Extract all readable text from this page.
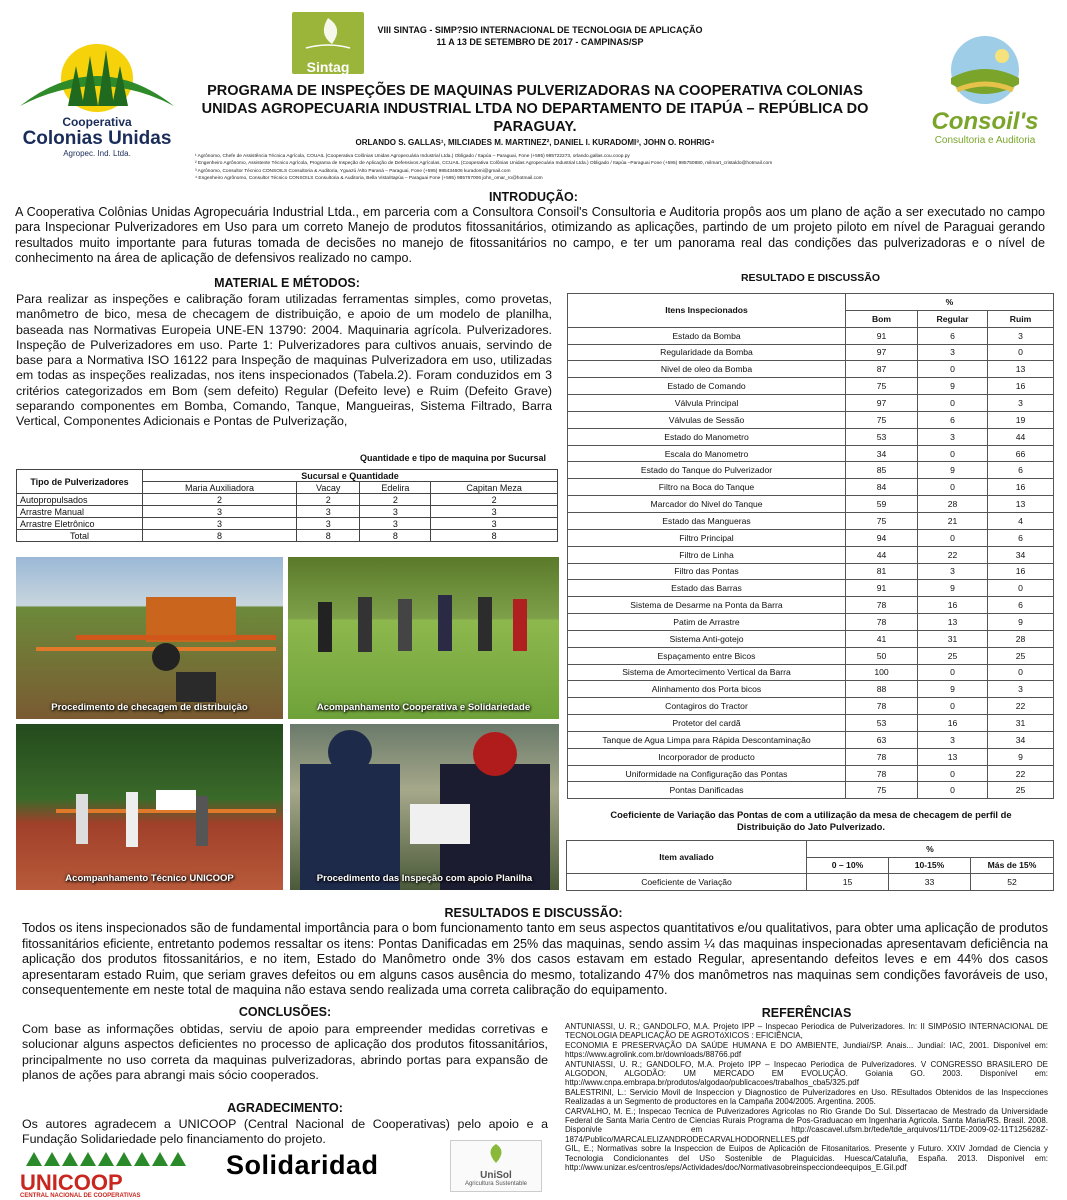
Cooperativa
Colonias Unidas
Agropec. Ind. Ltda.
Sintag
VIII SINTAG - SIMP?SIO INTERNACIONAL DE TECNOLOGIA DE APLICAÇÃO
11 A 13 DE SETEMBRO DE 2017 - CAMPINAS/SP
Consoil's
Consultoria e Auditoria
PROGRAMA DE INSPEÇÕES DE MAQUINAS PULVERIZADORAS NA COOPERATIVA COLONIAS UNIDAS AGROPECUARIA INDUSTRIAL LTDA NO DEPARTAMENTO DE ITAPÚA – REPÚBLICA DO PARAGUAY.
ORLANDO S. GALLAS¹, MILCIADES M. MARTINEZ², DANIEL I. KURADOMI³, JOHN O. ROHRIG⁴
¹ Agrônomo, Chefe de Assistência Técnica Agrícola, COUAIL (Cooperativa Colônias Unidas Agropecuária Industrial Ltda.) Obligado / Itapúa – Paraguai, Fone (+595) 985722273, orlando.gallas.cou.coop.py
² Engenheiro Agrônomo, Assistente Técnico Agrícola, Programa de Inspeção de Aplicação de Defensivos Agrícolas, CCUAIL (Cooperativa Colônias Unidas Agropecuária Industrial Ltda.) Obligado / Itapúa –Paraguai Fone (+595) 985750880, milmart_cristaldo@hotmail.com
³ Agrônomo, Consultor Técnico CONSOILS Consultoria & Auditoria, Yguazú /Alto Paraná – Paraguai, Fone (+595) 985434606 kuradomi@gmail.com
⁴ Engenheiro Agrônomo, Consultor Técnico CONSOILS Consultoria & Auditoria, Bella Vista/Itapúa – Paraguai Fone (+595) 985767006 john_omar_ro@hotmail.com
INTRODUÇÃO:
A Cooperativa Colônias Unidas Agropecuária Industrial Ltda., em parceria com a Consultora Consoil's Consultoria e Auditoria propôs aos um plano de ação a ser executado no campo para Inspecionar Pulverizadores em Uso para um correto Manejo de produtos fitossanitários, otimizando as aplicações, partindo de um projeto piloto em nível de Paraguai gerando resultados muito importante para futuras tomada de decisões no manejo de fitossanitários no campo, e ter um panorama real das condições das pulverizadoras e o nível de conhecimento na área de aplicação de defensivos realizado no campo.
MATERIAL E MÉTODOS:
Para realizar as inspeções e calibração foram utilizadas ferramentas simples, como provetas, manômetro de bico, mesa de checagem de distribuição, e apoio de um modelo de planilha, baseada nas Normativas Europeia UNE-EN 13790: 2004. Maquinaria agrícola. Pulverizadores. Inspeção de Pulverizadores em uso. Parte 1: Pulverizadores para cultivos anuais, servindo de base para a Normativa ISO 16122 para Inspeção de maquinas Pulverizadora em uso, utilizadas em todas as inspeções realizadas, nos itens inspecionados (Tabela.2). Foram conduzidos em 3 critérios categorizados em Bom (sem defeito) Regular (Defeito leve) e Ruim (Defeito Grave) separando componentes em Bomba, Comando, Tanque, Mangueiras, Sistema Filtrado, Barra Vertical, Componentes Adicionais e Pontas de Pulverização,
Quantidade e tipo de maquina por Sucursal
Tipo de Pulverizadores	Sucursal e Quantidade			
	Maria Auxiliadora	Vacay	Edelira	Capitan Meza
Autopropulsados	2	2	2	2
Arrastre Manual	3	3	3	3
Arrastre Eletrônico	3	3	3	3
Total	8	8	8	8
Procedimento de checagem de distribuição	Acompanhamento Cooperativa e Solidariedade
Acompanhamento Técnico UNICOOP	Procedimento das Inspeção com apoio Planilha
RESULTADO E DISCUSSÃO
Itens Inspecionados	%		
	Bom	Regular	Ruim
Estado da Bomba	91	6	3
Regularidade da Bomba	97	3	0
Nivel de oleo da Bomba	87	0	13
Estado de Comando	75	9	16
Válvula Principal	97	0	3
Válvulas de Sessão	75	6	19
Estado do Manometro	53	3	44
Escala do Manometro	34	0	66
Estado do Tanque do Pulverizador	85	9	6
Filtro na Boca do Tanque	84	0	16
Marcador do Nivel do Tanque	59	28	13
Estado das Mangueras	75	21	4
Filtro Principal	94	0	6
Filtro de Linha	44	22	34
Filtro das Pontas	81	3	16
Estado das Barras	91	9	0
Sistema de Desarme na Ponta da Barra	78	16	6
Patim de Arrastre	78	13	9
Sistema Anti-gotejo	41	31	28
Espaçamento entre Bicos	50	25	25
Sistema de Amortecimento Vertical da Barra	100	0	0
Alinhamento dos Porta bicos	88	9	3
Contagiros do Tractor	78	0	22
Protetor del cardã	53	16	31
Tanque de Agua Limpa para Rápida Descontaminação	63	3	34
Incorporador de producto	78	13	9
Uniformidade na Configuração das Pontas	78	0	22
Pontas Danificadas	75	0	25
Coeficiente de Variação das Pontas de com a utilização da mesa de checagem de perfil de Distribuição do Jato Pulverizado.
Item avaliado	%		
	0 – 10%	10-15%	Más de 15%
Coeficiente de Variação	15	33	52
RESULTADOS E DISCUSSÃO:
Todos os itens inspecionados são de fundamental importância para o bom funcionamento tanto em seus aspectos quantitativos e/ou qualitativos, para obter uma aplicação de produtos fitossanitários eficiente, entretanto podemos ressaltar os itens: Pontas Danificadas em 25% das maquinas, sendo assim ¼ das maquinas inspecionadas apresentavam deficiência na aplicação dos produtos fitossanitários, e no item, Estado do Manômetro onde 3% dos casos estavam em estado Regular, apresentando defeitos leves e em 44% dos casos apresentaram estado Ruim, que seriam graves defeitos ou em alguns casos ausência do mesmo, totalizando 47% dos manômetros nas maquinas sem condições favoráveis de uso, consequentemente em neste total de maquina não estava sendo realizada uma correta calibração do equipamento.
CONCLUSÕES:
Com base as informações obtidas, serviu de apoio para empreender medidas corretivas e solucionar alguns aspectos deficientes no processo de aplicação dos produtos fitossanitários, principalmente no uso correta da maquinas pulverizadoras, abrindo portas para expansão de planos de ações para abrangi mais sócio cooperados.
AGRADECIMENTO:
Os autores agradecem a UNICOOP (Central Nacional de Cooperativas) pelo apoio e a Fundação Solidariedade pelo financiamento do projeto.
UNICOOP
CENTRAL NACIONAL DE COOPERATIVAS
Solidaridad	UniSol
Agricultura Sustentable
REFERÊNCIAS
ANTUNIASSI, U. R.; GANDOLFO, M.A. Projeto IPP – Inspecao Periodica de Pulverizadores. In: II SIMPóSIO INTERNACIONAL DE TECNOLOGIA DEAPLICAÇÃO DE AGROTóXICOS : EFICIÊNCIA,
ECONOMIA E PRESERVAÇÃO DA SAÚDE HUMANA E DO AMBIENTE, Jundiaí/SP. Anais... Jundiaí: IAC, 2001. Disponível em: https://www.agrolink.com.br/downloads/88766.pdf
ANTUNIASSI, U. R.; GANDOLFO, M.A. Projeto IPP – Inspecao Periodica de Pulverizadores. V CONGRESSO BRASILERO DE ALGODON, ALGODÃO: UM MERCADO EM EVOLUÇÃO. Goiania GO. 2003. Disponível em: http://www.cnpa.embrapa.br/produtos/algodao/publicacoes/trabalhos_cba5/325.pdf
BALESTRINI, L.: Servicio Movil de Inspeccion y Diagnostico de Pulverizadores en Uso. REsultados Obtenidos de las Inspecciones Realizadas a un Segmento de productores en la Campaña 2004/2005. Argentina. 2005.
CARVALHO, M. E.; Inspecao Tecnica de Pulverizadores Agricolas no Rio Grande Do Sul. Dissertacao de Mestrado da Universidade Federal de Santa Maria Centro de Ciencias Rurais Programa de Pos-Graduacao em Ingenharia Agricola. Santa Maria/RS. Brasil. 2008. Disponivle em http://cascavel.ufsm.br/tede/tde_arquivos/11/TDE-2009-02-11T125628Z-1874/Publico/MARCALELIZANDRODECARVALHODORNELLES.pdf
GIL, E.; Normativas sobre la Inspeccion de Euipos de Aplicación de Fitosanitarios. Presente y Futuro. XXIV Jorndad de Ciencia y Tecnologia Condicionantes del USo Sostenible de Plaguicidas. Huesca/Cataluña, España. 2013. Disponivel em: http://www.unizar.es/centros/eps/Actividades/doc/Normativasobreinspecciondeequipos_E.Gil.pdf
